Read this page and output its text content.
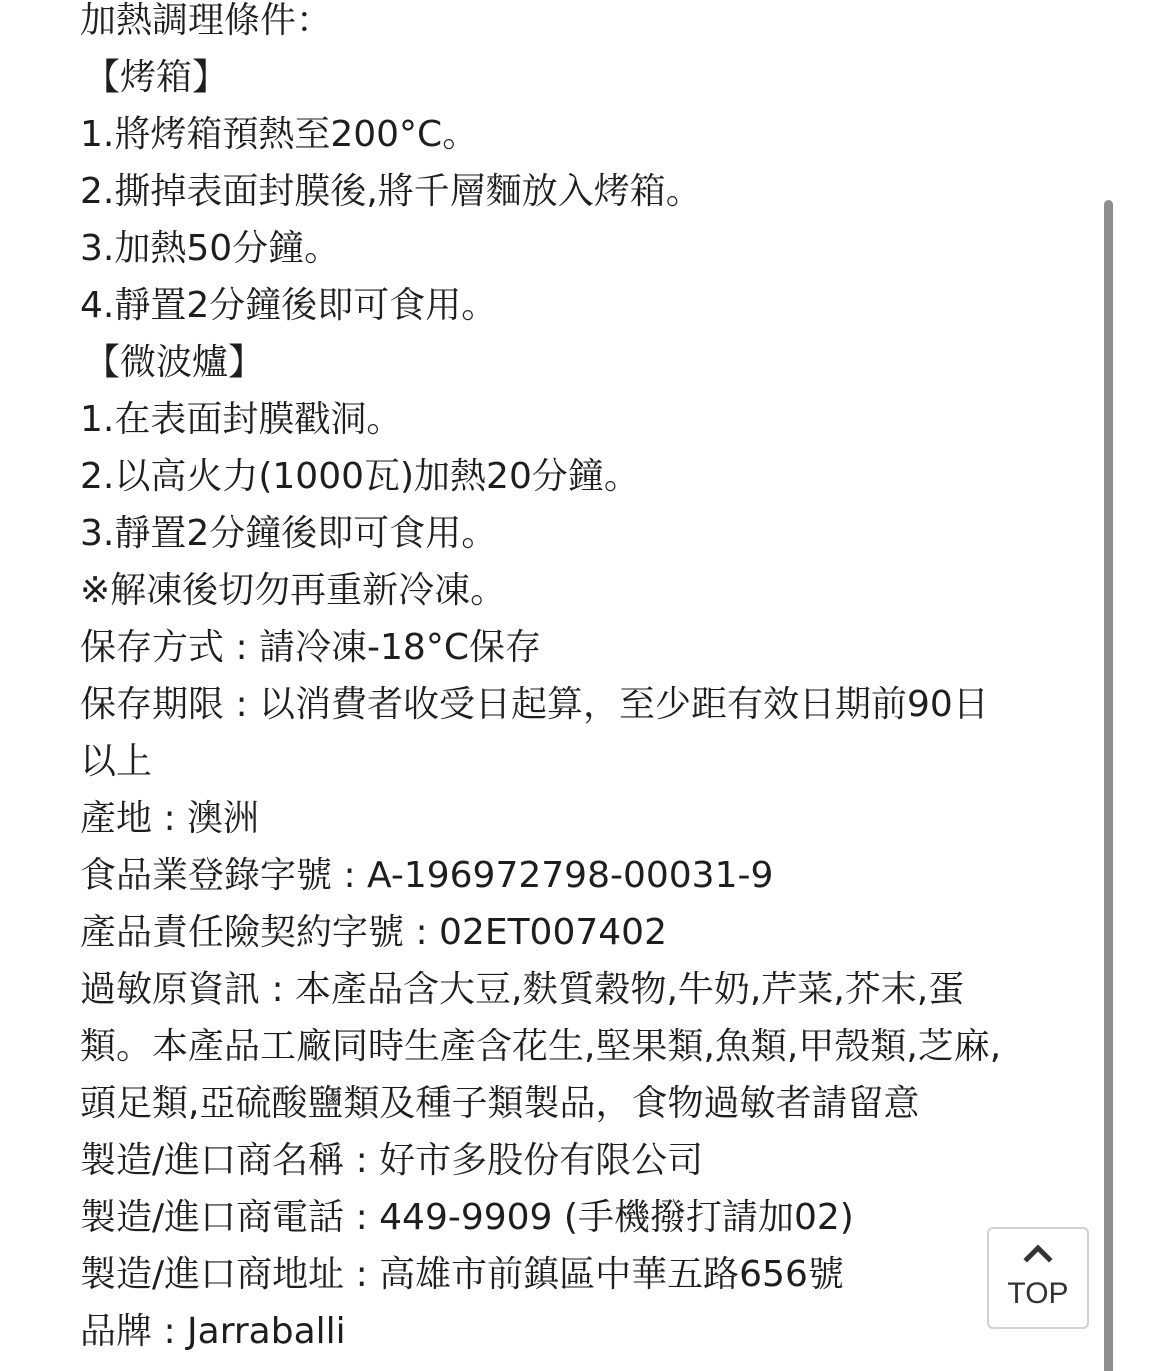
加熱調理條件：
【烤箱】
1.將烤箱預熱至200°C。
2.撕掉表面封膜後,將千層麵放入烤箱。
3.加熱50分鐘。
4.靜置2分鐘後即可食用。
【微波爐】
1.在表面封膜戳洞。
2.以高火力(1000瓦)加熱20分鐘。
3.靜置2分鐘後即可食用。
※解凍後切勿再重新冷凍。
保存方式 : 請冷凍-18°C保存
保存期限 : 以消費者收受日起算，至少距有效日期前90日
以上
產地 : 澳洲
食品業登錄字號 : A-196972798-00031-9
產品責任險契約字號 : 02ET007402
過敏原資訊 : 本產品含大豆,麩質穀物,牛奶,芹菜,芥末,蛋
類。本產品工廠同時生產含花生,堅果類,魚類,甲殼類,芝麻,
頭足類,亞硫酸鹽類及種子類製品，食物過敏者請留意
製造/進口商名稱 : 好市多股份有限公司
製造/進口商電話 : 449-9909 (手機撥打請加02)
製造/進口商地址 : 高雄市前鎮區中華五路656號
品牌 : Jarraballi
TOP
